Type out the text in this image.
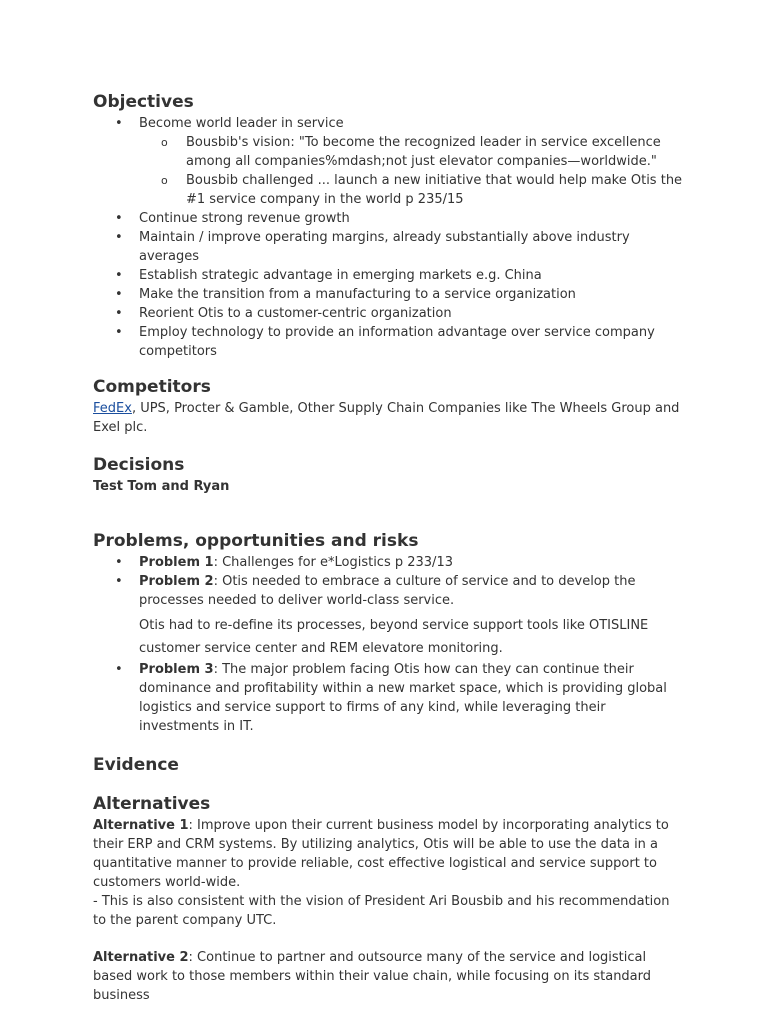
Objectives
• Become world leader in service
o Bousbib's vision: "To become the recognized leader in service excellence among all companies%mdash;not just elevator companies—worldwide."
o Bousbib challenged ... launch a new initiative that would help make Otis the #1 service company in the world p 235/15
• Continue strong revenue growth
• Maintain / improve operating margins, already substantially above industry averages
• Establish strategic advantage in emerging markets e.g. China
• Make the transition from a manufacturing to a service organization
• Reorient Otis to a customer-centric organization
• Employ technology to provide an information advantage over service company competitors
Competitors

FedEx, UPS, Procter & Gamble, Other Supply Chain Companies like The Wheels Group and Exel plc.

Decisions

Test Tom and Ryan

Problems, opportunities and risks
• Problem 1: Challenges for e*Logistics p 233/13
• Problem 2: Otis needed to embrace a culture of service and to develop the processes needed to deliver world-class service.
Otis had to re-define its processes, beyond service support tools like OTISLINE customer service center and REM elevatore monitoring.
• Problem 3: The major problem facing Otis how can they can continue their dominance and profitability within a new market space, which is providing global logistics and service support to firms of any kind, while leveraging their investments in IT.
Evidence
Alternatives

Alternative 1: Improve upon their current business model by incorporating analytics to their ERP and CRM systems. By utilizing analytics, Otis will be able to use the data in a quantitative manner to provide reliable, cost effective logistical and service support to customers world-wide.

- This is also consistent with the vision of President Ari Bousbib and his recommendation to the parent company UTC.

Alternative 2: Continue to partner and outsource many of the service and logistical based work to those members within their value chain, while focusing on its standard business
